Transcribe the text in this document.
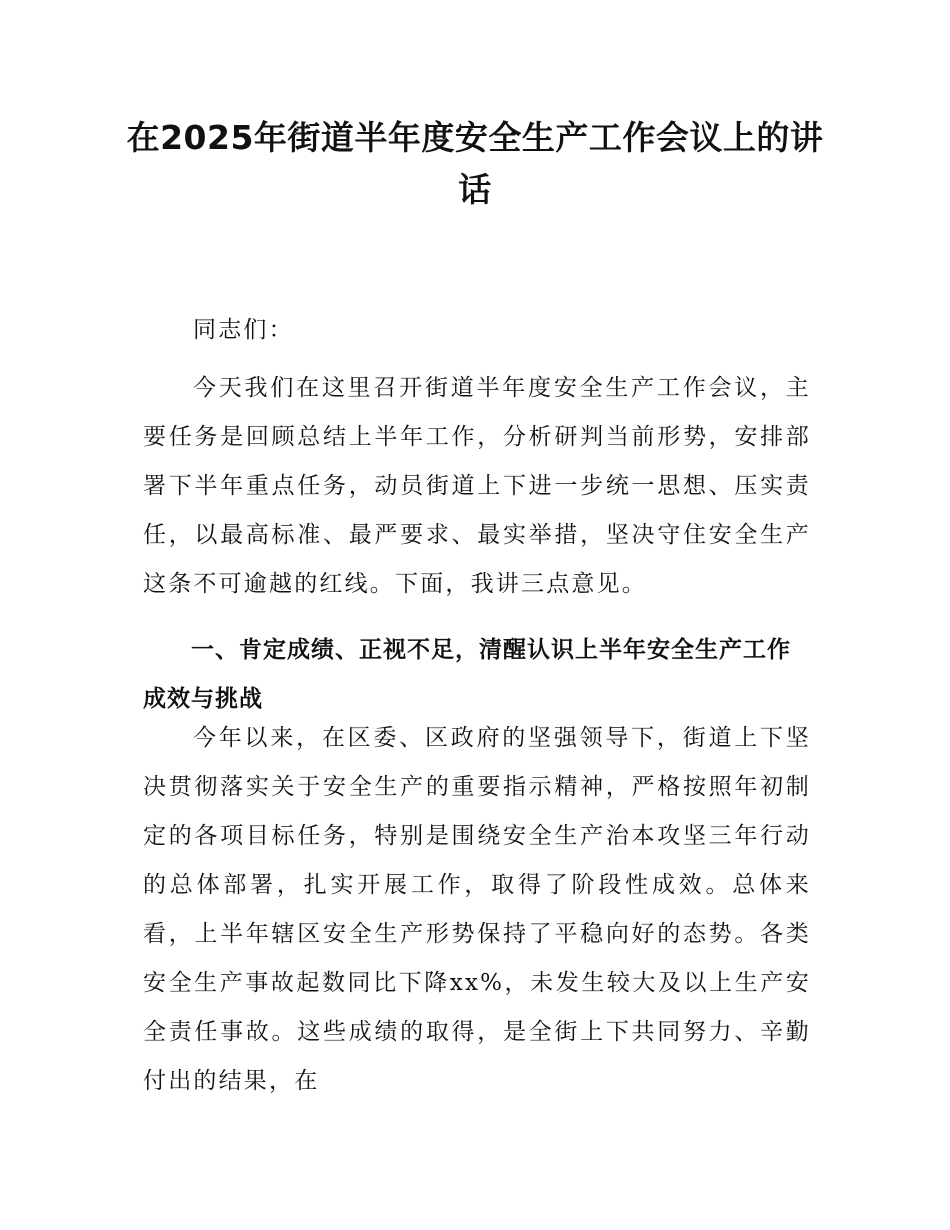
在2025年街道半年度安全生产工作会议上的讲话

同志们：

今天我们在这里召开街道半年度安全生产工作会议，主要任务是回顾总结上半年工作，分析研判当前形势，安排部署下半年重点任务，动员街道上下进一步统一思想、压实责任，以最高标准、最严要求、最实举措，坚决守住安全生产这条不可逾越的红线。下面，我讲三点意见。

一、肯定成绩、正视不足，清醒认识上半年安全生产工作成效与挑战

今年以来，在区委、区政府的坚强领导下，街道上下坚决贯彻落实关于安全生产的重要指示精神，严格按照年初制定的各项目标任务，特别是围绕安全生产治本攻坚三年行动的总体部署，扎实开展工作，取得了阶段性成效。总体来看，上半年辖区安全生产形势保持了平稳向好的态势。各类安全生产事故起数同比下降xx%，未发生较大及以上生产安全责任事故。这些成绩的取得，是全街上下共同努力、辛勤付出的结果，在
